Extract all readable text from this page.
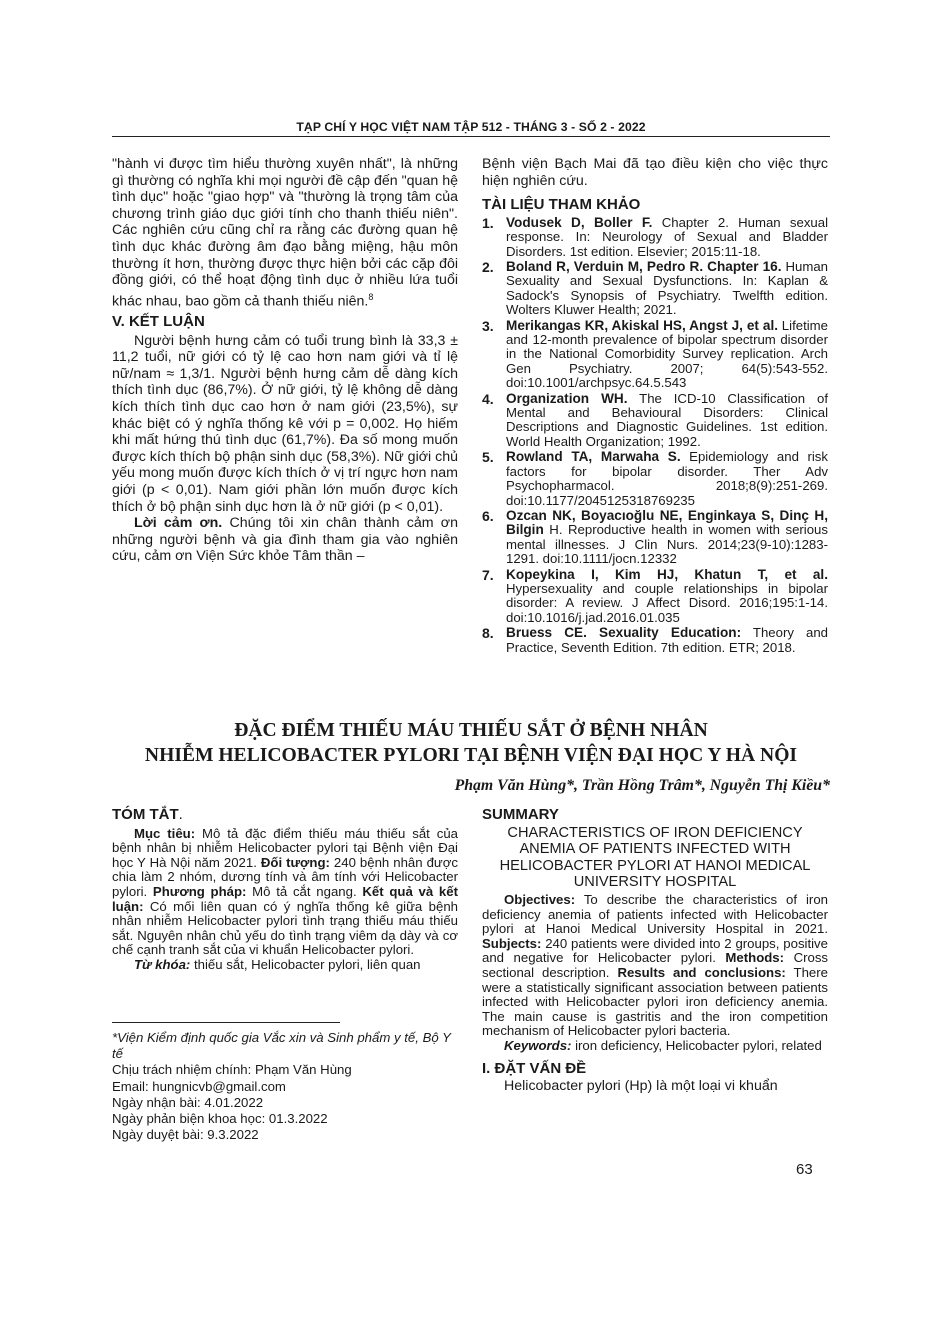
TẠP CHÍ Y HỌC VIỆT NAM TẬP 512 - THÁNG 3 - SỐ 2 - 2022

"hành vi được tìm hiểu thường xuyên nhất", là những gì thường có nghĩa khi mọi người đề cập đến "quan hệ tình dục" hoặc "giao hợp" và "thường là trọng tâm của chương trình giáo dục giới tính cho thanh thiếu niên". Các nghiên cứu cũng chỉ ra rằng các đường quan hệ tình dục khác đường âm đạo bằng miệng, hậu môn thường ít hơn, thường được thực hiện bởi các cặp đôi đồng giới, có thể hoạt động tình dục ở nhiều lứa tuổi khác nhau, bao gồm cả thanh thiếu niên.$^8$

V. KẾT LUẬN

Người bệnh hưng cảm có tuổi trung bình là 33,3 ± 11,2 tuổi, nữ giới có tỷ lệ cao hơn nam giới và tỉ lệ nữ/nam ≈ 1,3/1. Người bệnh hưng cảm dễ dàng kích thích tình dục (86,7%). Ở nữ giới, tỷ lệ không dễ dàng kích thích tình dục cao hơn ở nam giới (23,5%), sự khác biệt có ý nghĩa thống kê với p = 0,002. Họ hiếm khi mất hứng thú tình dục (61,7%). Đa số mong muốn được kích thích bộ phận sinh dục (58,3%). Nữ giới chủ yếu mong muốn được kích thích ở vị trí ngực hơn nam giới (p < 0,01). Nam giới phần lớn muốn được kích thích ở bộ phận sinh dục hơn là ở nữ giới (p < 0,01).

Lời cảm ơn. Chúng tôi xin chân thành cảm ơn những người bệnh và gia đình tham gia vào nghiên cứu, cảm ơn Viện Sức khỏe Tâm thần –

Bệnh viện Bạch Mai đã tạo điều kiện cho việc thực hiện nghiên cứu.

TÀI LIỆU THAM KHẢO
1. Vodusek D, Boller F. Chapter 2. Human sexual response. In: Neurology of Sexual and Bladder Disorders. 1st edition. Elsevier; 2015:11-18.
2. Boland R, Verduin M, Pedro R. Chapter 16. Human Sexuality and Sexual Dysfunctions. In: Kaplan & Sadock's Synopsis of Psychiatry. Twelfth edition. Wolters Kluwer Health; 2021.
3. Merikangas KR, Akiskal HS, Angst J, et al. Lifetime and 12-month prevalence of bipolar spectrum disorder in the National Comorbidity Survey replication. Arch Gen Psychiatry. 2007; 64(5):543-552. doi:10.1001/archpsyc.64.5.543
4. Organization WH. The ICD-10 Classification of Mental and Behavioural Disorders: Clinical Descriptions and Diagnostic Guidelines. 1st edition. World Health Organization; 1992.
5. Rowland TA, Marwaha S. Epidemiology and risk factors for bipolar disorder. Ther Adv Psychopharmacol. 2018;8(9):251-269. doi:10.1177/2045125318769235
6. Ozcan NK, Boyacıoğlu NE, Enginkaya S, Dinç H, Bilgin H. Reproductive health in women with serious mental illnesses. J Clin Nurs. 2014;23(9-10):1283-1291. doi:10.1111/jocn.12332
7. Kopeykina I, Kim HJ, Khatun T, et al. Hypersexuality and couple relationships in bipolar disorder: A review. J Affect Disord. 2016;195:1-14. doi:10.1016/j.jad.2016.01.035
8. Bruess CE. Sexuality Education: Theory and Practice, Seventh Edition. 7th edition. ETR; 2018.
ĐẶC ĐIỂM THIẾU MÁU THIẾU SẮT Ở BỆNH NHÂN
NHIỄM HELICOBACTER PYLORI TẠI BỆNH VIỆN ĐẠI HỌC Y HÀ NỘI
Phạm Văn Hùng*, Trần Hồng Trâm*, Nguyễn Thị Kiều*
TÓM TẮT.

Mục tiêu: Mô tả đặc điểm thiếu máu thiếu sắt của bệnh nhân bị nhiễm Helicobacter pylori tại Bệnh viện Đại học Y Hà Nội năm 2021. Đối tượng: 240 bệnh nhân được chia làm 2 nhóm, dương tính và âm tính với Helicobacter pylori. Phương pháp: Mô tả cắt ngang. Kết quả và kết luận: Có mối liên quan có ý nghĩa thống kê giữa bệnh nhân nhiễm Helicobacter pylori tình trạng thiếu máu thiếu sắt. Nguyên nhân chủ yếu do tình trạng viêm dạ dày và cơ chế cạnh tranh sắt của vi khuẩn Helicobacter pylori.

Từ khóa: thiếu sắt, Helicobacter pylori, liên quan

*Viện Kiểm định quốc gia Vắc xin và Sinh phẩm y tế, Bộ Y tế

Chịu trách nhiệm chính: Phạm Văn Hùng

Email: hungnicvb@gmail.com

Ngày nhận bài: 4.01.2022

Ngày phản biện khoa học: 01.3.2022

Ngày duyệt bài: 9.3.2022

SUMMARY
CHARACTERISTICS OF IRON DEFICIENCY ANEMIA OF PATIENTS INFECTED WITH HELICOBACTER PYLORI AT HANOI MEDICAL UNIVERSITY HOSPITAL

Objectives: To describe the characteristics of iron deficiency anemia of patients infected with Helicobacter pylori at Hanoi Medical University Hospital in 2021. Subjects: 240 patients were divided into 2 groups, positive and negative for Helicobacter pylori. Methods: Cross sectional description. Results and conclusions: There were a statistically significant association between patients infected with Helicobacter pylori iron deficiency anemia. The main cause is gastritis and the iron competition mechanism of Helicobacter pylori bacteria.

Keywords: iron deficiency, Helicobacter pylori, related

I. ĐẶT VẤN ĐỀ

Helicobacter pylori (Hp) là một loại vi khuẩn

63
